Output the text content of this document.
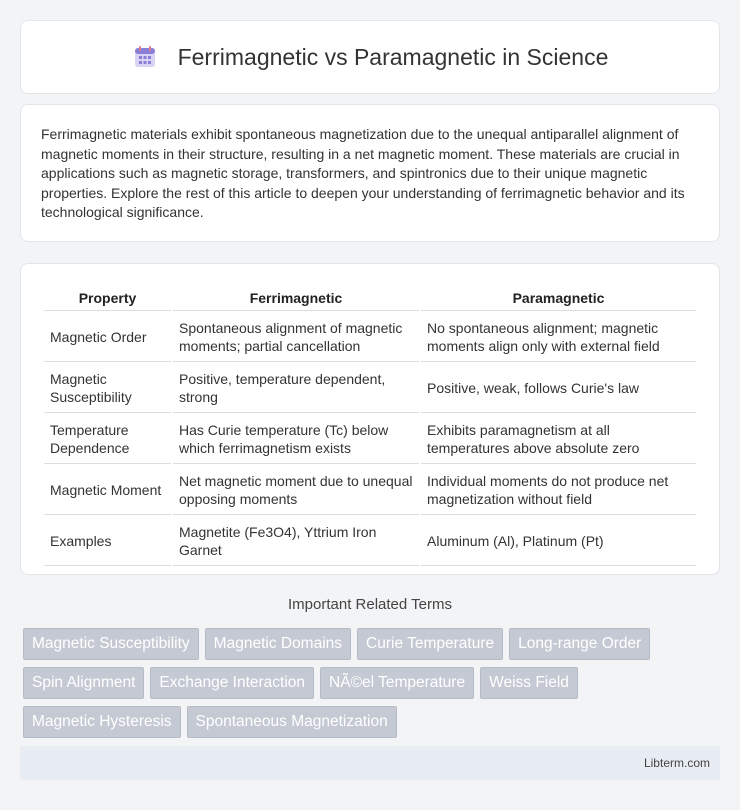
Ferrimagnetic vs Paramagnetic in Science

Ferrimagnetic materials exhibit spontaneous magnetization due to the unequal antiparallel alignment of magnetic moments in their structure, resulting in a net magnetic moment. These materials are crucial in applications such as magnetic storage, transformers, and spintronics due to their unique magnetic properties. Explore the rest of this article to deepen your understanding of ferrimagnetic behavior and its technological significance.

Property	Ferrimagnetic	Paramagnetic
Magnetic Order	Spontaneous alignment of magnetic moments; partial cancellation	No spontaneous alignment; magnetic moments align only with external field
Magnetic Susceptibility	Positive, temperature dependent, strong	Positive, weak, follows Curie's law
Temperature Dependence	Has Curie temperature (Tc) below which ferrimagnetism exists	Exhibits paramagnetism at all temperatures above absolute zero
Magnetic Moment	Net magnetic moment due to unequal opposing moments	Individual moments do not produce net magnetization without field
Examples	Magnetite (Fe3O4), Yttrium Iron Garnet	Aluminum (Al), Platinum (Pt)
Important Related Terms
Magnetic Susceptibility	Magnetic Domains	Curie Temperature	Long-range Order
Spin Alignment	Exchange Interaction	NÃ©el Temperature	Weiss Field
Magnetic Hysteresis	Spontaneous Magnetization
Libterm.com
